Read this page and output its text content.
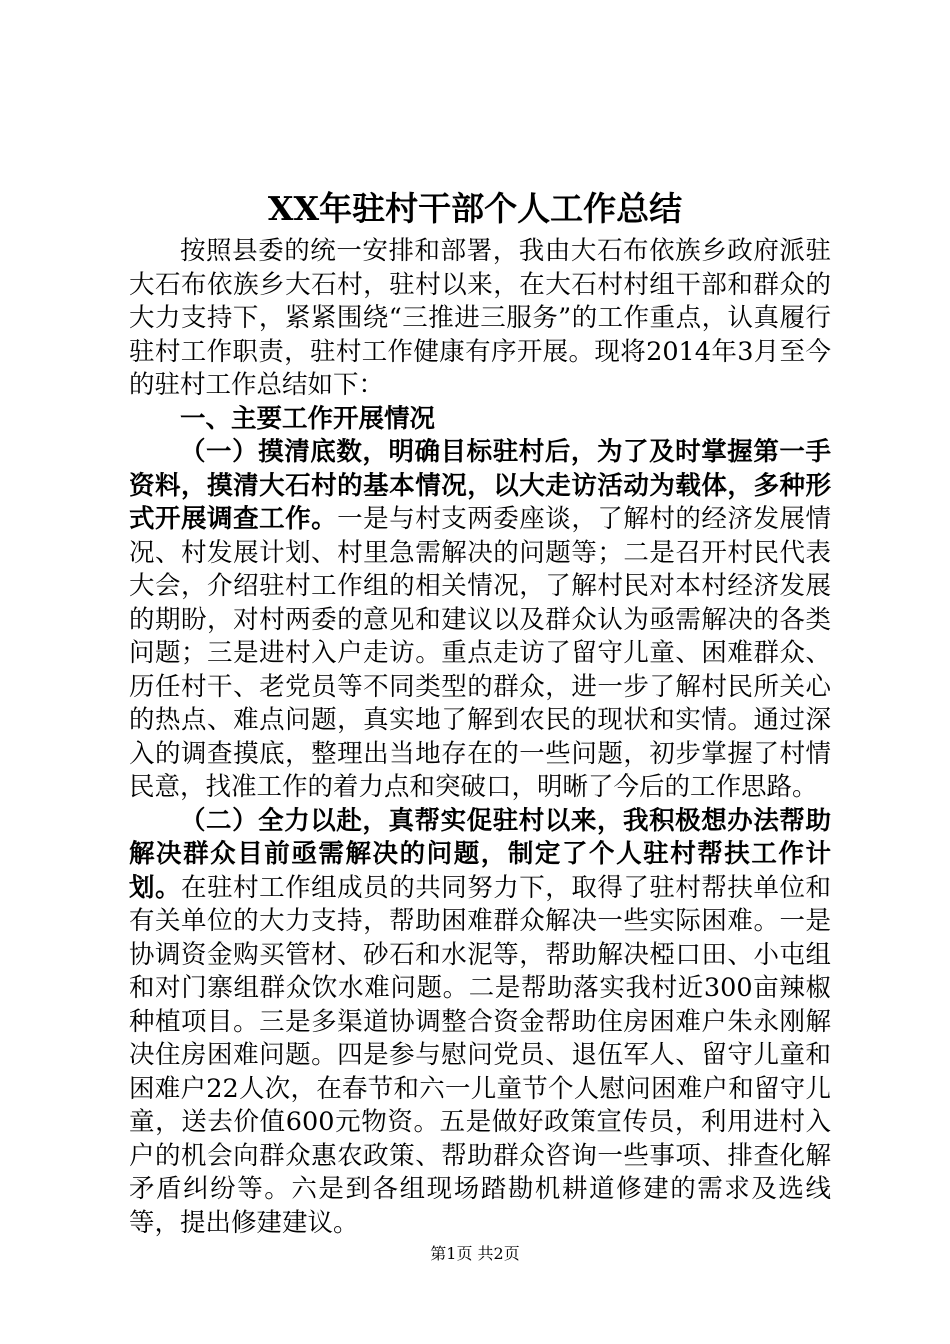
XX年驻村干部个人工作总结

按照县委的统一安排和部署，我由大石布依族乡政府派驻大石布依族乡大石村，驻村以来，在大石村村组干部和群众的大力支持下，紧紧围绕“三推进三服务”的工作重点，认真履行驻村工作职责，驻村工作健康有序开展。现将2014年3月至今的驻村工作总结如下：

一、主要工作开展情况

（一）摸清底数，明确目标驻村后，为了及时掌握第一手资料，摸清大石村的基本情况，以大走访活动为载体，多种形式开展调查工作。一是与村支两委座谈，了解村的经济发展情况、村发展计划、村里急需解决的问题等；二是召开村民代表大会，介绍驻村工作组的相关情况，了解村民对本村经济发展的期盼，对村两委的意见和建议以及群众认为亟需解决的各类问题；三是进村入户走访。重点走访了留守儿童、困难群众、历任村干、老党员等不同类型的群众，进一步了解村民所关心的热点、难点问题，真实地了解到农民的现状和实情。通过深入的调查摸底，整理出当地存在的一些问题，初步掌握了村情民意，找准工作的着力点和突破口，明晰了今后的工作思路。

（二）全力以赴，真帮实促驻村以来，我积极想办法帮助解决群众目前亟需解决的问题，制定了个人驻村帮扶工作计划。在驻村工作组成员的共同努力下，取得了驻村帮扶单位和有关单位的大力支持，帮助困难群众解决一些实际困难。一是协调资金购买管材、砂石和水泥等，帮助解决椏口田、小屯组和对门寨组群众饮水难问题。二是帮助落实我村近300亩辣椒种植项目。三是多渠道协调整合资金帮助住房困难户朱永刚解决住房困难问题。四是参与慰问党员、退伍军人、留守儿童和困难户22人次，在春节和六一儿童节个人慰问困难户和留守儿童，送去价值600元物资。五是做好政策宣传员，利用进村入户的机会向群众惠农政策、帮助群众咨询一些事项、排查化解矛盾纠纷等。六是到各组现场踏勘机耕道修建的需求及选线等，提出修建建议。

第1页 共2页
